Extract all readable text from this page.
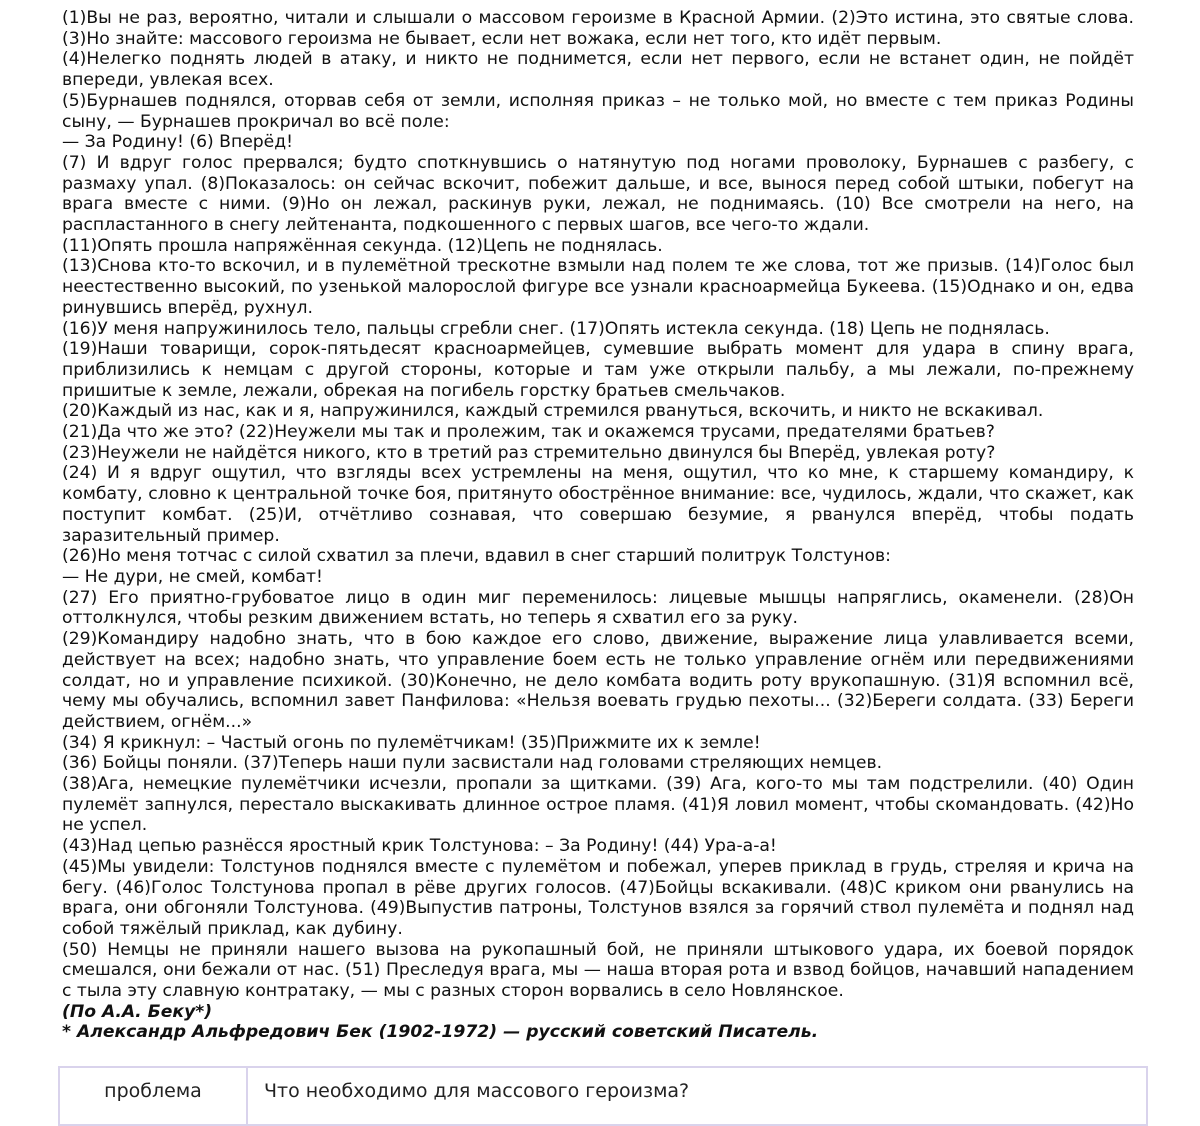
(1)Вы не раз, вероятно, читали и слышали о массовом героизме в Красной Армии. (2)Это истина, это святые слова. (3)Но знайте: массового героизма не бывает, если нет вожака, если нет того, кто идёт первым.

(4)Нелегко поднять людей в атаку, и никто не поднимется, если нет первого, если не встанет один, не пойдёт впереди, увлекая всех.

(5)Бурнашев поднялся, оторвав себя от земли, исполняя приказ – не только мой, но вместе с тем приказ Родины сыну, — Бурнашев прокричал во всё поле:

— За Родину! (6) Вперёд!

(7) И вдруг голос прервался; будто споткнувшись о натянутую под ногами проволоку, Бурнашев с разбегу, с размаху упал. (8)Показалось: он сейчас вскочит, побежит дальше, и все, вынося перед собой штыки, побегут на врага вместе с ними. (9)Но он лежал, раскинув руки, лежал, не поднимаясь. (10) Все смотрели на него, на распластанного в снегу лейтенанта, подкошенного с первых шагов, все чего-то ждали.

(11)Опять прошла напряжённая секунда. (12)Цепь не поднялась.

(13)Снова кто-то вскочил, и в пулемётной трескотне взмыли над полем те же слова, тот же призыв. (14)Голос был неестественно высокий, по узенькой малорослой фигуре все узнали красноармейца Букеева. (15)Однако и он, едва ринувшись вперёд, рухнул.

(16)У меня напружинилось тело, пальцы сгребли снег. (17)Опять истекла секунда. (18) Цепь не поднялась.

(19)Наши товарищи, сорок-пятьдесят красноармейцев, сумевшие выбрать момент для удара в спину врага, приблизились к немцам с другой стороны, которые и там уже открыли пальбу, а мы лежали, по-прежнему пришитые к земле, лежали, обрекая на погибель горстку братьев смельчаков.

(20)Каждый из нас, как и я, напружинился, каждый стремился рвануться, вскочить, и никто не вскакивал.

(21)Да что же это? (22)Неужели мы так и пролежим, так и окажемся трусами, предателями братьев?

(23)Неужели не найдётся никого, кто в третий раз стремительно двинулся бы Вперёд, увлекая роту?

(24) И я вдруг ощутил, что взгляды всех устремлены на меня, ощутил, что ко мне, к старшему командиру, к комбату, словно к центральной точке боя, притянуто обострённое внимание: все, чудилось, ждали, что скажет, как поступит комбат. (25)И, отчётливо сознавая, что совершаю безумие, я рванулся вперёд, чтобы подать заразительный пример.

(26)Но меня тотчас с силой схватил за плечи, вдавил в снег старший политрук Толстунов:

— Не дури, не смей, комбат!

(27) Его приятно-грубоватое лицо в один миг переменилось: лицевые мышцы напряглись, окаменели. (28)Он оттолкнулся, чтобы резким движением встать, но теперь я схватил его за руку.

(29)Командиру надобно знать, что в бою каждое его слово, движение, выражение лица улавливается всеми, действует на всех; надобно знать, что управление боем есть не только управление огнём или передвижениями солдат, но и управление психикой. (30)Конечно, не дело комбата водить роту врукопашную. (31)Я вспомнил всё, чему мы обучались, вспомнил завет Панфилова: «Нельзя воевать грудью пехоты... (32)Береги солдата. (33) Береги действием, огнём...»

(34) Я крикнул: – Частый огонь по пулемётчикам! (35)Прижмите их к земле!

(36) Бойцы поняли. (37)Теперь наши пули засвистали над головами стреляющих немцев.

(38)Ага, немецкие пулемётчики исчезли, пропали за щитками. (39) Ага, кого-то мы там подстрелили. (40) Один пулемёт запнулся, перестало выскакивать длинное острое пламя. (41)Я ловил момент, чтобы скомандовать. (42)Но не успел.

(43)Над цепью разнёсся яростный крик Толстунова: – За Родину! (44) Ура-а-а!

(45)Мы увидели: Толстунов поднялся вместе с пулемётом и побежал, уперев приклад в грудь, стреляя и крича на бегу. (46)Голос Толстунова пропал в рёве других голосов. (47)Бойцы вскакивали. (48)С криком они рванулись на врага, они обгоняли Толстунова. (49)Выпустив патроны, Толстунов взялся за горячий ствол пулемёта и поднял над собой тяжёлый приклад, как дубину.

(50) Немцы не приняли нашего вызова на рукопашный бой, не приняли штыкового удара, их боевой порядок смешался, они бежали от нас. (51) Преследуя врага, мы — наша вторая рота и взвод бойцов, начавший нападением с тыла эту славную контратаку, — мы с разных сторон ворвались в село Новлянское.

(По А.А. Беку*)

* Александр Альфредович Бек (1902-1972) — русский советский Писатель.

проблема	Что необходимо для массового героизма?
